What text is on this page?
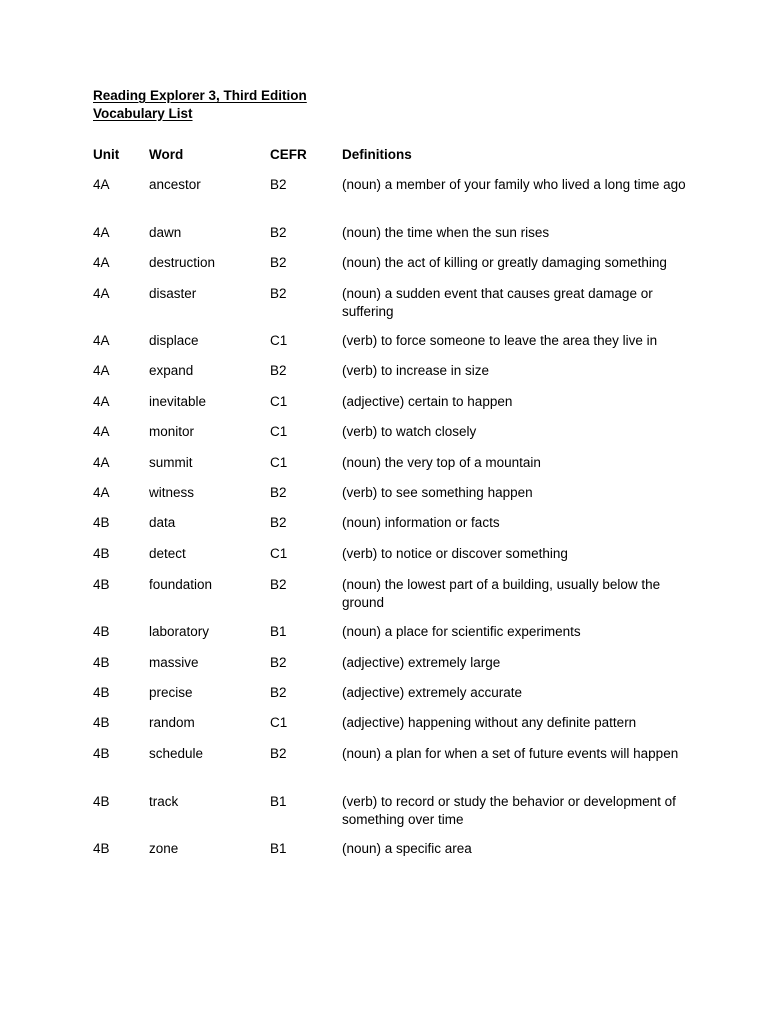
Reading Explorer 3, Third Edition
Vocabulary List
Unit	Word	CEFR	Definitions
4A	ancestor	B2	(noun) a member of your family who lived a long time ago
4A	dawn	B2	(noun) the time when the sun rises
4A	destruction	B2	(noun) the act of killing or greatly damaging something
4A	disaster	B2	(noun) a sudden event that causes great damage or suffering
4A	displace	C1	(verb) to force someone to leave the area they live in
4A	expand	B2	(verb) to increase in size
4A	inevitable	C1	(adjective) certain to happen
4A	monitor	C1	(verb) to watch closely
4A	summit	C1	(noun) the very top of a mountain
4A	witness	B2	(verb) to see something happen
4B	data	B2	(noun) information or facts
4B	detect	C1	(verb) to notice or discover something
4B	foundation	B2	(noun) the lowest part of a building, usually below the ground
4B	laboratory	B1	(noun) a place for scientific experiments
4B	massive	B2	(adjective) extremely large
4B	precise	B2	(adjective) extremely accurate
4B	random	C1	(adjective) happening without any definite pattern
4B	schedule	B2	(noun) a plan for when a set of future events will happen
4B	track	B1	(verb) to record or study the behavior or development of something over time
4B	zone	B1	(noun) a specific area
